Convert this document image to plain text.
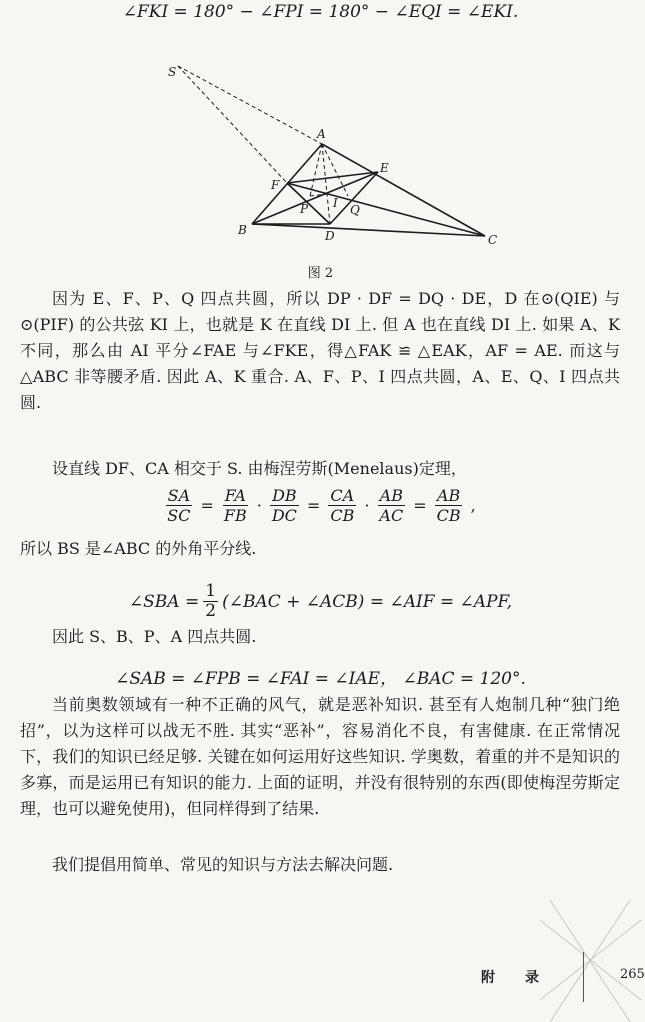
∠FKI = 180° − ∠FPI = 180° − ∠EQI = ∠EKI.
S
A
E
F
I
P	Q
B	D	C
图 2
因为 E、F、P、Q 四点共圆，所以 DP · DF = DQ · DE，D 在⊙(QIE) 与⊙(PIF) 的公共弦 KI 上，也就是 K 在直线 DI 上. 但 A 也在直线 DI 上. 如果 A、K 不同，那么由 AI 平分∠FAE 与∠FKE，得△FAK ≌ △EAK，AF = AE. 而这与△ABC 非等腰矛盾. 因此 A、K 重合. A、F、P、I 四点共圆，A、E、Q、I 四点共圆.
设直线 DF、CA 相交于 S. 由梅涅劳斯(Menelaus)定理，
$\frac{SA}{SC} = \frac{FA}{FB} \cdot \frac{DB}{DC} = \frac{CA}{CB} \cdot \frac{AB}{AC} = \frac{AB}{CB}$ ,
所以 BS 是∠ABC 的外角平分线.
∠SBA = $\frac{1}{2}$ (∠BAC + ∠ACB) = ∠AIF = ∠APF,
因此 S、B、P、A 四点共圆.
∠SAB = ∠FPB = ∠FAI = ∠IAE， ∠BAC = 120°.
当前奥数领域有一种不正确的风气，就是恶补知识. 甚至有人炮制几种“独门绝招”，以为这样可以战无不胜. 其实“恶补”，容易消化不良，有害健康. 在正常情况下，我们的知识已经足够. 关键在如何运用好这些知识. 学奥数，着重的并不是知识的多寡，而是运用已有知识的能力. 上面的证明，并没有很特别的东西(即使梅涅劳斯定理，也可以避免使用)，但同样得到了结果.
我们提倡用简单、常见的知识与方法去解决问题.
附录	265
